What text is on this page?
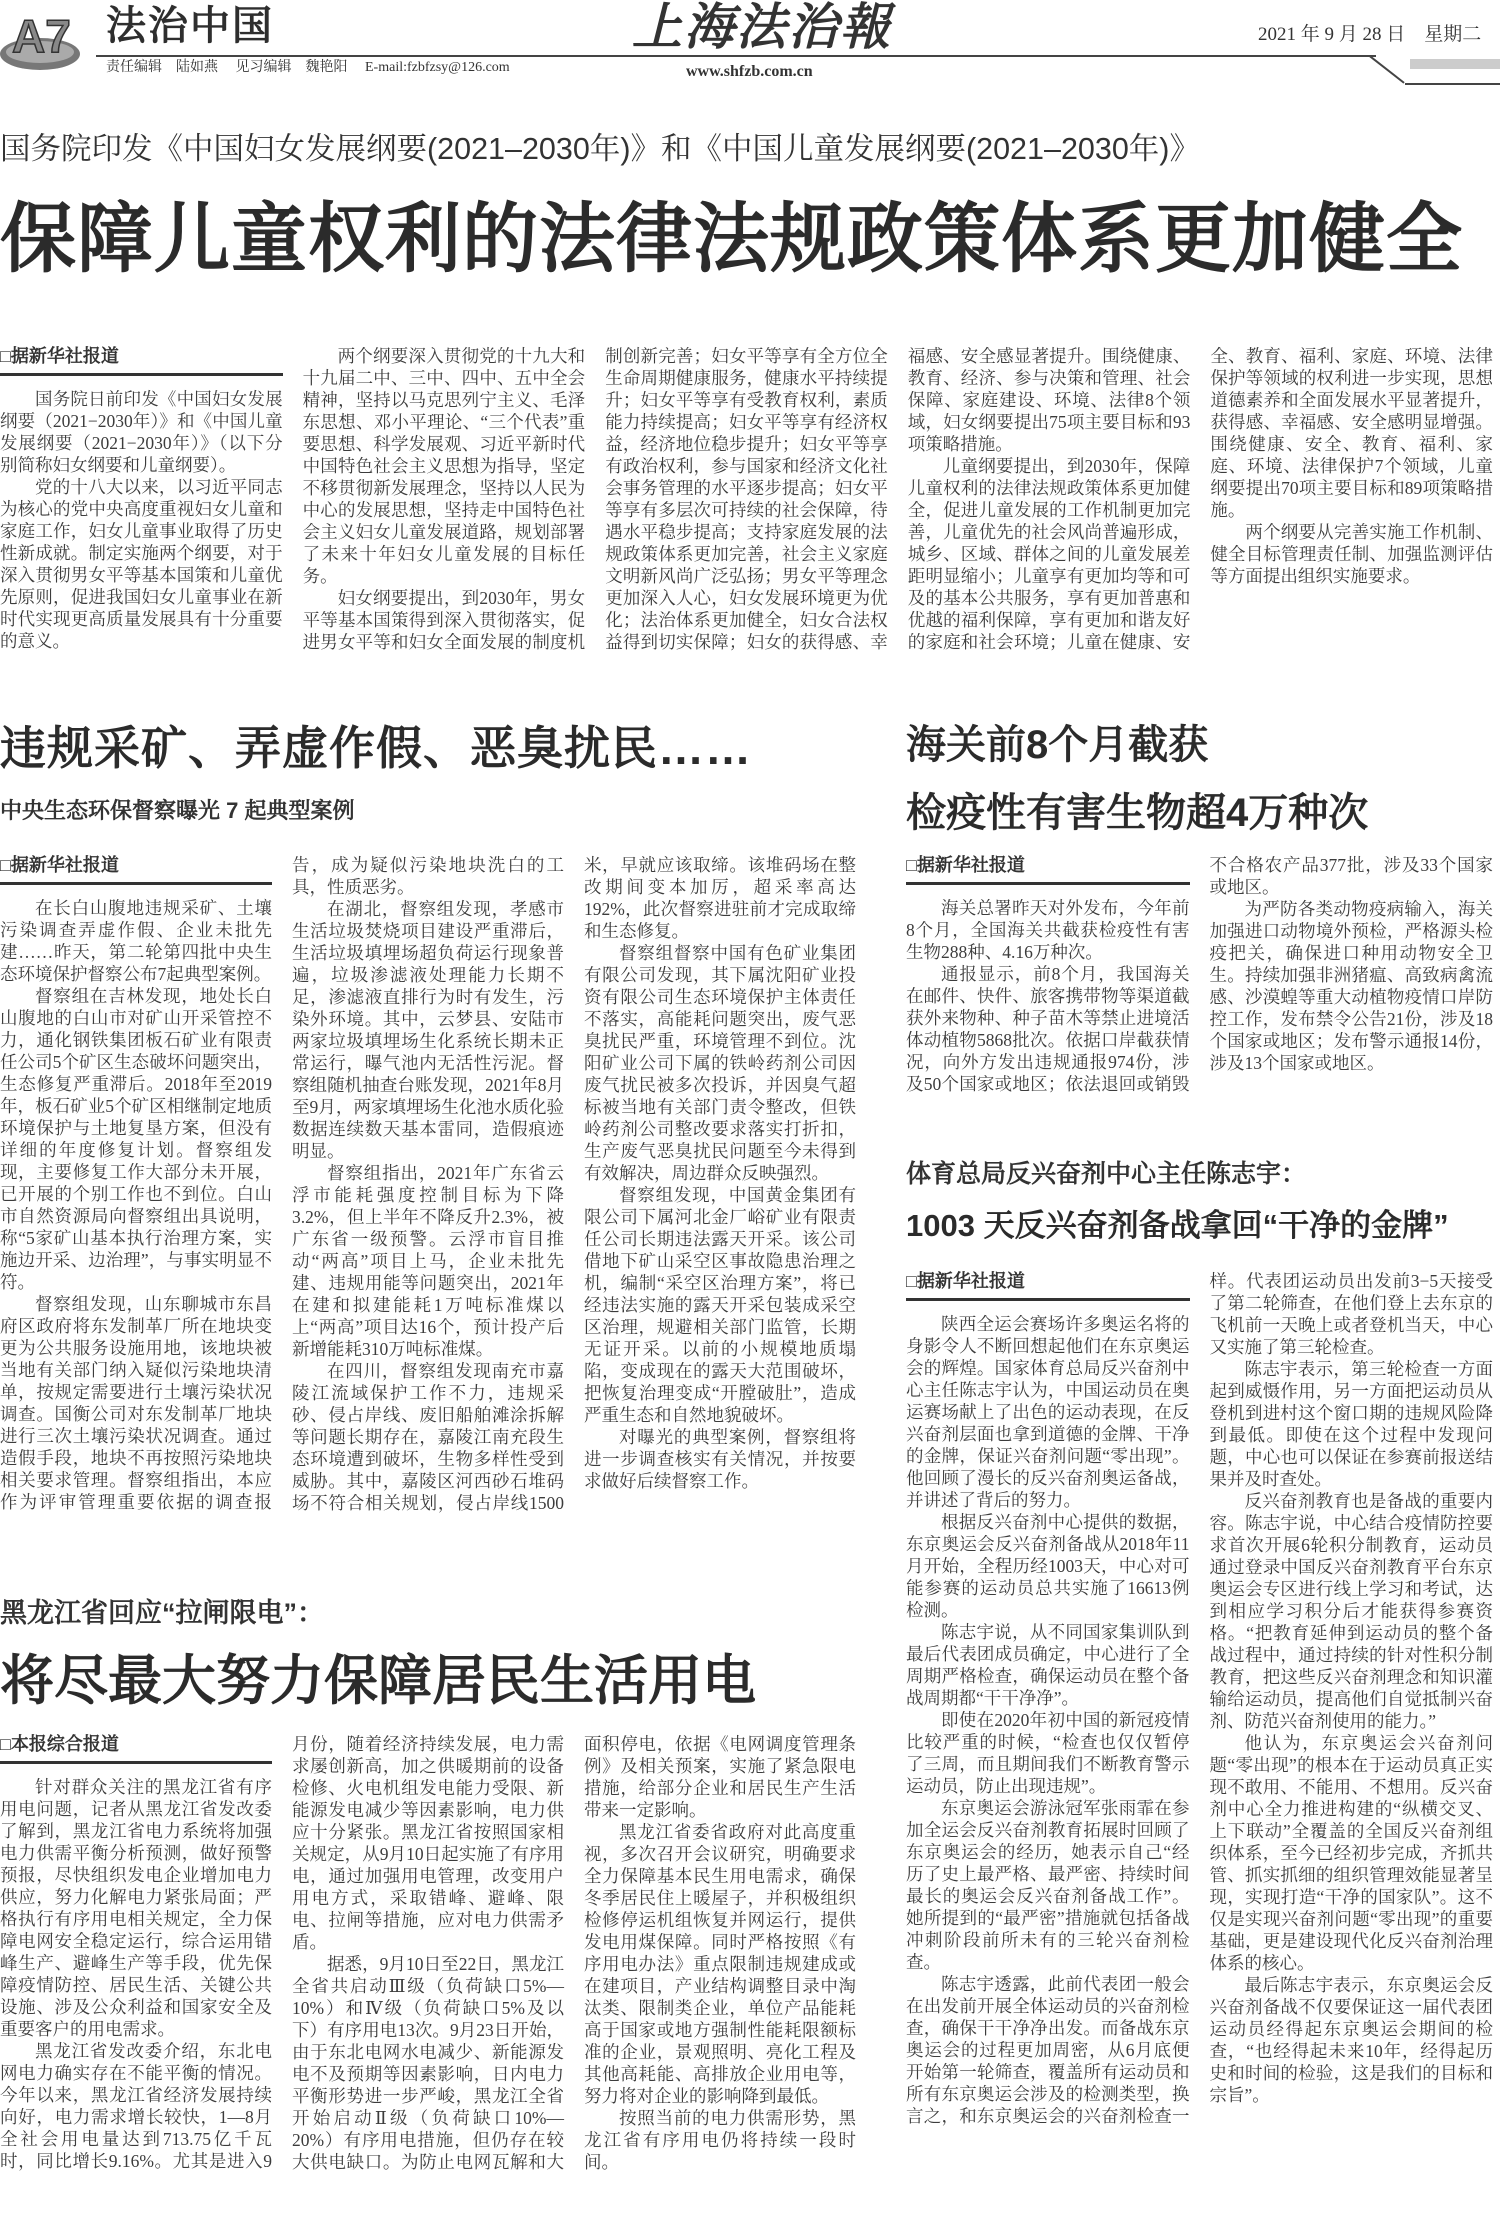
A7 法治中国
责任编辑　陆如燕 见习编辑　魏艳阳 E-mail:fzbfzsy@126.com
上海法治報
www.shfzb.com.cn
2021 年 9 月 28 日　星期二
国务院印发《中国妇女发展纲要(2021–2030年)》和《中国儿童发展纲要(2021–2030年)》
保障儿童权利的法律法规政策体系更加健全
□据新华社报道

国务院日前印发《中国妇女发展纲要（2021−2030年）》和《中国儿童发展纲要（2021−2030年）》（以下分别简称妇女纲要和儿童纲要）。

党的十八大以来，以习近平同志为核心的党中央高度重视妇女儿童和家庭工作，妇女儿童事业取得了历史性新成就。制定实施两个纲要，对于深入贯彻男女平等基本国策和儿童优先原则，促进我国妇女儿童事业在新时代实现更高质量发展具有十分重要的意义。

两个纲要深入贯彻党的十九大和十九届二中、三中、四中、五中全会精神，坚持以马克思列宁主义、毛泽东思想、邓小平理论、“三个代表”重要思想、科学发展观、习近平新时代中国特色社会主义思想为指导，坚定不移贯彻新发展理念，坚持以人民为中心的发展思想，坚持走中国特色社会主义妇女儿童发展道路，规划部署了未来十年妇女儿童发展的目标任务。

妇女纲要提出，到2030年，男女平等基本国策得到深入贯彻落实，促进男女平等和妇女全面发展的制度机制创新完善；妇女平等享有全方位全生命周期健康服务，健康水平持续提升；妇女平等享有受教育权利，素质能力持续提高；妇女平等享有经济权益，经济地位稳步提升；妇女平等享有政治权利，参与国家和经济文化社会事务管理的水平逐步提高；妇女平等享有多层次可持续的社会保障，待遇水平稳步提高；支持家庭发展的法规政策体系更加完善，社会主义家庭文明新风尚广泛弘扬；男女平等理念更加深入人心，妇女发展环境更为优化；法治体系更加健全，妇女合法权益得到切实保障；妇女的获得感、幸福感、安全感显著提升。围绕健康、教育、经济、参与决策和管理、社会保障、家庭建设、环境、法律8个领域，妇女纲要提出75项主要目标和93项策略措施。

儿童纲要提出，到2030年，保障儿童权利的法律法规政策体系更加健全，促进儿童发展的工作机制更加完善，儿童优先的社会风尚普遍形成，城乡、区域、群体之间的儿童发展差距明显缩小；儿童享有更加均等和可及的基本公共服务，享有更加普惠和优越的福利保障，享有更加和谐友好的家庭和社会环境；儿童在健康、安全、教育、福利、家庭、环境、法律保护等领域的权利进一步实现，思想道德素养和全面发展水平显著提升，获得感、幸福感、安全感明显增强。围绕健康、安全、教育、福利、家庭、环境、法律保护7个领域，儿童纲要提出70项主要目标和89项策略措施。

两个纲要从完善实施工作机制、健全目标管理责任制、加强监测评估等方面提出组织实施要求。

违规采矿、弄虚作假、恶臭扰民……
中央生态环保督察曝光 7 起典型案例
□据新华社报道

在长白山腹地违规采矿、土壤污染调查弄虚作假、企业未批先建……昨天，第二轮第四批中央生态环境保护督察公布7起典型案例。

督察组在吉林发现，地处长白山腹地的白山市对矿山开采管控不力，通化钢铁集团板石矿业有限责任公司5个矿区生态破坏问题突出，生态修复严重滞后。2018年至2019年，板石矿业5个矿区相继制定地质环境保护与土地复垦方案，但没有详细的年度修复计划。督察组发现，主要修复工作大部分未开展，已开展的个别工作也不到位。白山市自然资源局向督察组出具说明，称“5家矿山基本执行治理方案，实施边开采、边治理”，与事实明显不符。

督察组发现，山东聊城市东昌府区政府将东发制革厂所在地块变更为公共服务设施用地，该地块被当地有关部门纳入疑似污染地块清单，按规定需要进行土壤污染状况调查。国衡公司对东发制革厂地块进行三次土壤污染状况调查。通过造假手段，地块不再按照污染地块相关要求管理。督察组指出，本应作为评审管理重要依据的调查报告，成为疑似污染地块洗白的工具，性质恶劣。

在湖北，督察组发现，孝感市生活垃圾焚烧项目建设严重滞后，生活垃圾填埋场超负荷运行现象普遍，垃圾渗滤液处理能力长期不足，渗滤液直排行为时有发生，污染外环境。其中，云梦县、安陆市两家垃圾填埋场生化系统长期未正常运行，曝气池内无活性污泥。督察组随机抽查台账发现，2021年8月至9月，两家填埋场生化池水质化验数据连续数天基本雷同，造假痕迹明显。

督察组指出，2021年广东省云浮市能耗强度控制目标为下降3.2%，但上半年不降反升2.3%，被广东省一级预警。云浮市盲目推动“两高”项目上马，企业未批先建、违规用能等问题突出，2021年在建和拟建能耗1万吨标准煤以上“两高”项目达16个，预计投产后新增能耗310万吨标准煤。

在四川，督察组发现南充市嘉陵江流域保护工作不力，违规采砂、侵占岸线、废旧船舶滩涂拆解等问题长期存在，嘉陵江南充段生态环境遭到破坏，生物多样性受到威胁。其中，嘉陵区河西砂石堆码场不符合相关规划，侵占岸线1500米，早就应该取缔。该堆码场在整改期间变本加厉，超采率高达192%，此次督察进驻前才完成取缔和生态修复。

督察组督察中国有色矿业集团有限公司发现，其下属沈阳矿业投资有限公司生态环境保护主体责任不落实，高能耗问题突出，废气恶臭扰民严重，环境管理不到位。沈阳矿业公司下属的铁岭药剂公司因废气扰民被多次投诉，并因臭气超标被当地有关部门责令整改，但铁岭药剂公司整改要求落实打折扣，生产废气恶臭扰民问题至今未得到有效解决，周边群众反映强烈。

督察组发现，中国黄金集团有限公司下属河北金厂峪矿业有限责任公司长期违法露天开采。该公司借地下矿山采空区事故隐患治理之机，编制“采空区治理方案”，将已经违法实施的露天开采包装成采空区治理，规避相关部门监管，长期无证开采。以前的小规模地质塌陷，变成现在的露天大范围破坏，把恢复治理变成“开膛破肚”，造成严重生态和自然地貌破坏。

对曝光的典型案例，督察组将进一步调查核实有关情况，并按要求做好后续督察工作。

海关前8个月截获
检疫性有害生物超4万种次
□据新华社报道

海关总署昨天对外发布，今年前8个月，全国海关共截获检疫性有害生物288种、4.16万种次。

通报显示，前8个月，我国海关在邮件、快件、旅客携带物等渠道截获外来物种、种子苗木等禁止进境活体动植物5868批次。依据口岸截获情况，向外方发出违规通报974份，涉及50个国家或地区；依法退回或销毁不合格农产品377批，涉及33个国家或地区。

为严防各类动物疫病输入，海关加强进口动物境外预检，严格源头检疫把关，确保进口种用动物安全卫生。持续加强非洲猪瘟、高致病禽流感、沙漠蝗等重大动植物疫情口岸防控工作，发布禁令公告21份，涉及18个国家或地区；发布警示通报14份，涉及13个国家或地区。

体育总局反兴奋剂中心主任陈志宇：
1003 天反兴奋剂备战拿回“干净的金牌”
□据新华社报道

陕西全运会赛场许多奥运名将的身影令人不断回想起他们在东京奥运会的辉煌。国家体育总局反兴奋剂中心主任陈志宇认为，中国运动员在奥运赛场献上了出色的运动表现，在反兴奋剂层面也拿到道德的金牌、干净的金牌，保证兴奋剂问题“零出现”。他回顾了漫长的反兴奋剂奥运备战，并讲述了背后的努力。

根据反兴奋剂中心提供的数据，东京奥运会反兴奋剂备战从2018年11月开始，全程历经1003天，中心对可能参赛的运动员总共实施了16613例检测。

陈志宇说，从不同国家集训队到最后代表团成员确定，中心进行了全周期严格检查，确保运动员在整个备战周期都“干干净净”。

即使在2020年初中国的新冠疫情比较严重的时候，“检查也仅仅暂停了三周，而且期间我们不断教育警示运动员，防止出现违规”。

东京奥运会游泳冠军张雨霏在参加全运会反兴奋剂教育拓展时回顾了东京奥运会的经历，她表示自己“经历了史上最严格、最严密、持续时间最长的奥运会反兴奋剂备战工作”。她所提到的“最严密”措施就包括备战冲刺阶段前所未有的三轮兴奋剂检查。

陈志宇透露，此前代表团一般会在出发前开展全体运动员的兴奋剂检查，确保干干净净出发。而备战东京奥运会的过程更加周密，从6月底便开始第一轮筛查，覆盖所有运动员和所有东京奥运会涉及的检测类型，换言之，和东京奥运会的兴奋剂检查一样。代表团运动员出发前3−5天接受了第二轮筛查，在他们登上去东京的飞机前一天晚上或者登机当天，中心又实施了第三轮检查。

陈志宇表示，第三轮检查一方面起到威慑作用，另一方面把运动员从登机到进村这个窗口期的违规风险降到最低。即使在这个过程中发现问题，中心也可以保证在参赛前报送结果并及时查处。

反兴奋剂教育也是备战的重要内容。陈志宇说，中心结合疫情防控要求首次开展6轮积分制教育，运动员通过登录中国反兴奋剂教育平台东京奥运会专区进行线上学习和考试，达到相应学习积分后才能获得参赛资格。“把教育延伸到运动员的整个备战过程中，通过持续的针对性积分制教育，把这些反兴奋剂理念和知识灌输给运动员，提高他们自觉抵制兴奋剂、防范兴奋剂使用的能力。”

他认为，东京奥运会兴奋剂问题“零出现”的根本在于运动员真正实现不敢用、不能用、不想用。反兴奋剂中心全力推进构建的“纵横交叉、上下联动”全覆盖的全国反兴奋剂组织体系，至今已经初步完成，齐抓共管、抓实抓细的组织管理效能显著呈现，实现打造“干净的国家队”。这不仅是实现兴奋剂问题“零出现”的重要基础，更是建设现代化反兴奋剂治理体系的核心。

最后陈志宇表示，东京奥运会反兴奋剂备战不仅要保证这一届代表团运动员经得起东京奥运会期间的检查，“也经得起未来10年，经得起历史和时间的检验，这是我们的目标和宗旨”。

黑龙江省回应“拉闸限电”：
将尽最大努力保障居民生活用电
□本报综合报道

针对群众关注的黑龙江省有序用电问题，记者从黑龙江省发改委了解到，黑龙江省电力系统将加强电力供需平衡分析预测，做好预警预报，尽快组织发电企业增加电力供应，努力化解电力紧张局面；严格执行有序用电相关规定，全力保障电网安全稳定运行，综合运用错峰生产、避峰生产等手段，优先保障疫情防控、居民生活、关键公共设施、涉及公众利益和国家安全及重要客户的用电需求。

黑龙江省发改委介绍，东北电网电力确实存在不能平衡的情况。今年以来，黑龙江省经济发展持续向好，电力需求增长较快，1—8月全社会用电量达到713.75亿千瓦时，同比增长9.16%。尤其是进入9月份，随着经济持续发展，电力需求屡创新高，加之供暖期前的设备检修、火电机组发电能力受限、新能源发电减少等因素影响，电力供应十分紧张。黑龙江省按照国家相关规定，从9月10日起实施了有序用电，通过加强用电管理，改变用户用电方式，采取错峰、避峰、限电、拉闸等措施，应对电力供需矛盾。

据悉，9月10日至22日，黑龙江全省共启动Ⅲ级（负荷缺口5%—10%）和Ⅳ级（负荷缺口5%及以下）有序用电13次。9月23日开始，由于东北电网水电减少、新能源发电不及预期等因素影响，日内电力平衡形势进一步严峻，黑龙江全省开始启动Ⅱ级（负荷缺口10%—20%）有序用电措施，但仍存在较大供电缺口。为防止电网瓦解和大面积停电，依据《电网调度管理条例》及相关预案，实施了紧急限电措施，给部分企业和居民生产生活带来一定影响。

黑龙江省委省政府对此高度重视，多次召开会议研究，明确要求全力保障基本民生用电需求，确保冬季居民住上暖屋子，并积极组织检修停运机组恢复并网运行，提供发电用煤保障。同时严格按照《有序用电办法》重点限制违规建成或在建项目，产业结构调整目录中淘汰类、限制类企业，单位产品能耗高于国家或地方强制性能耗限额标准的企业，景观照明、亮化工程及其他高耗能、高排放企业用电等，努力将对企业的影响降到最低。

按照当前的电力供需形势，黑龙江省有序用电仍将持续一段时间。
